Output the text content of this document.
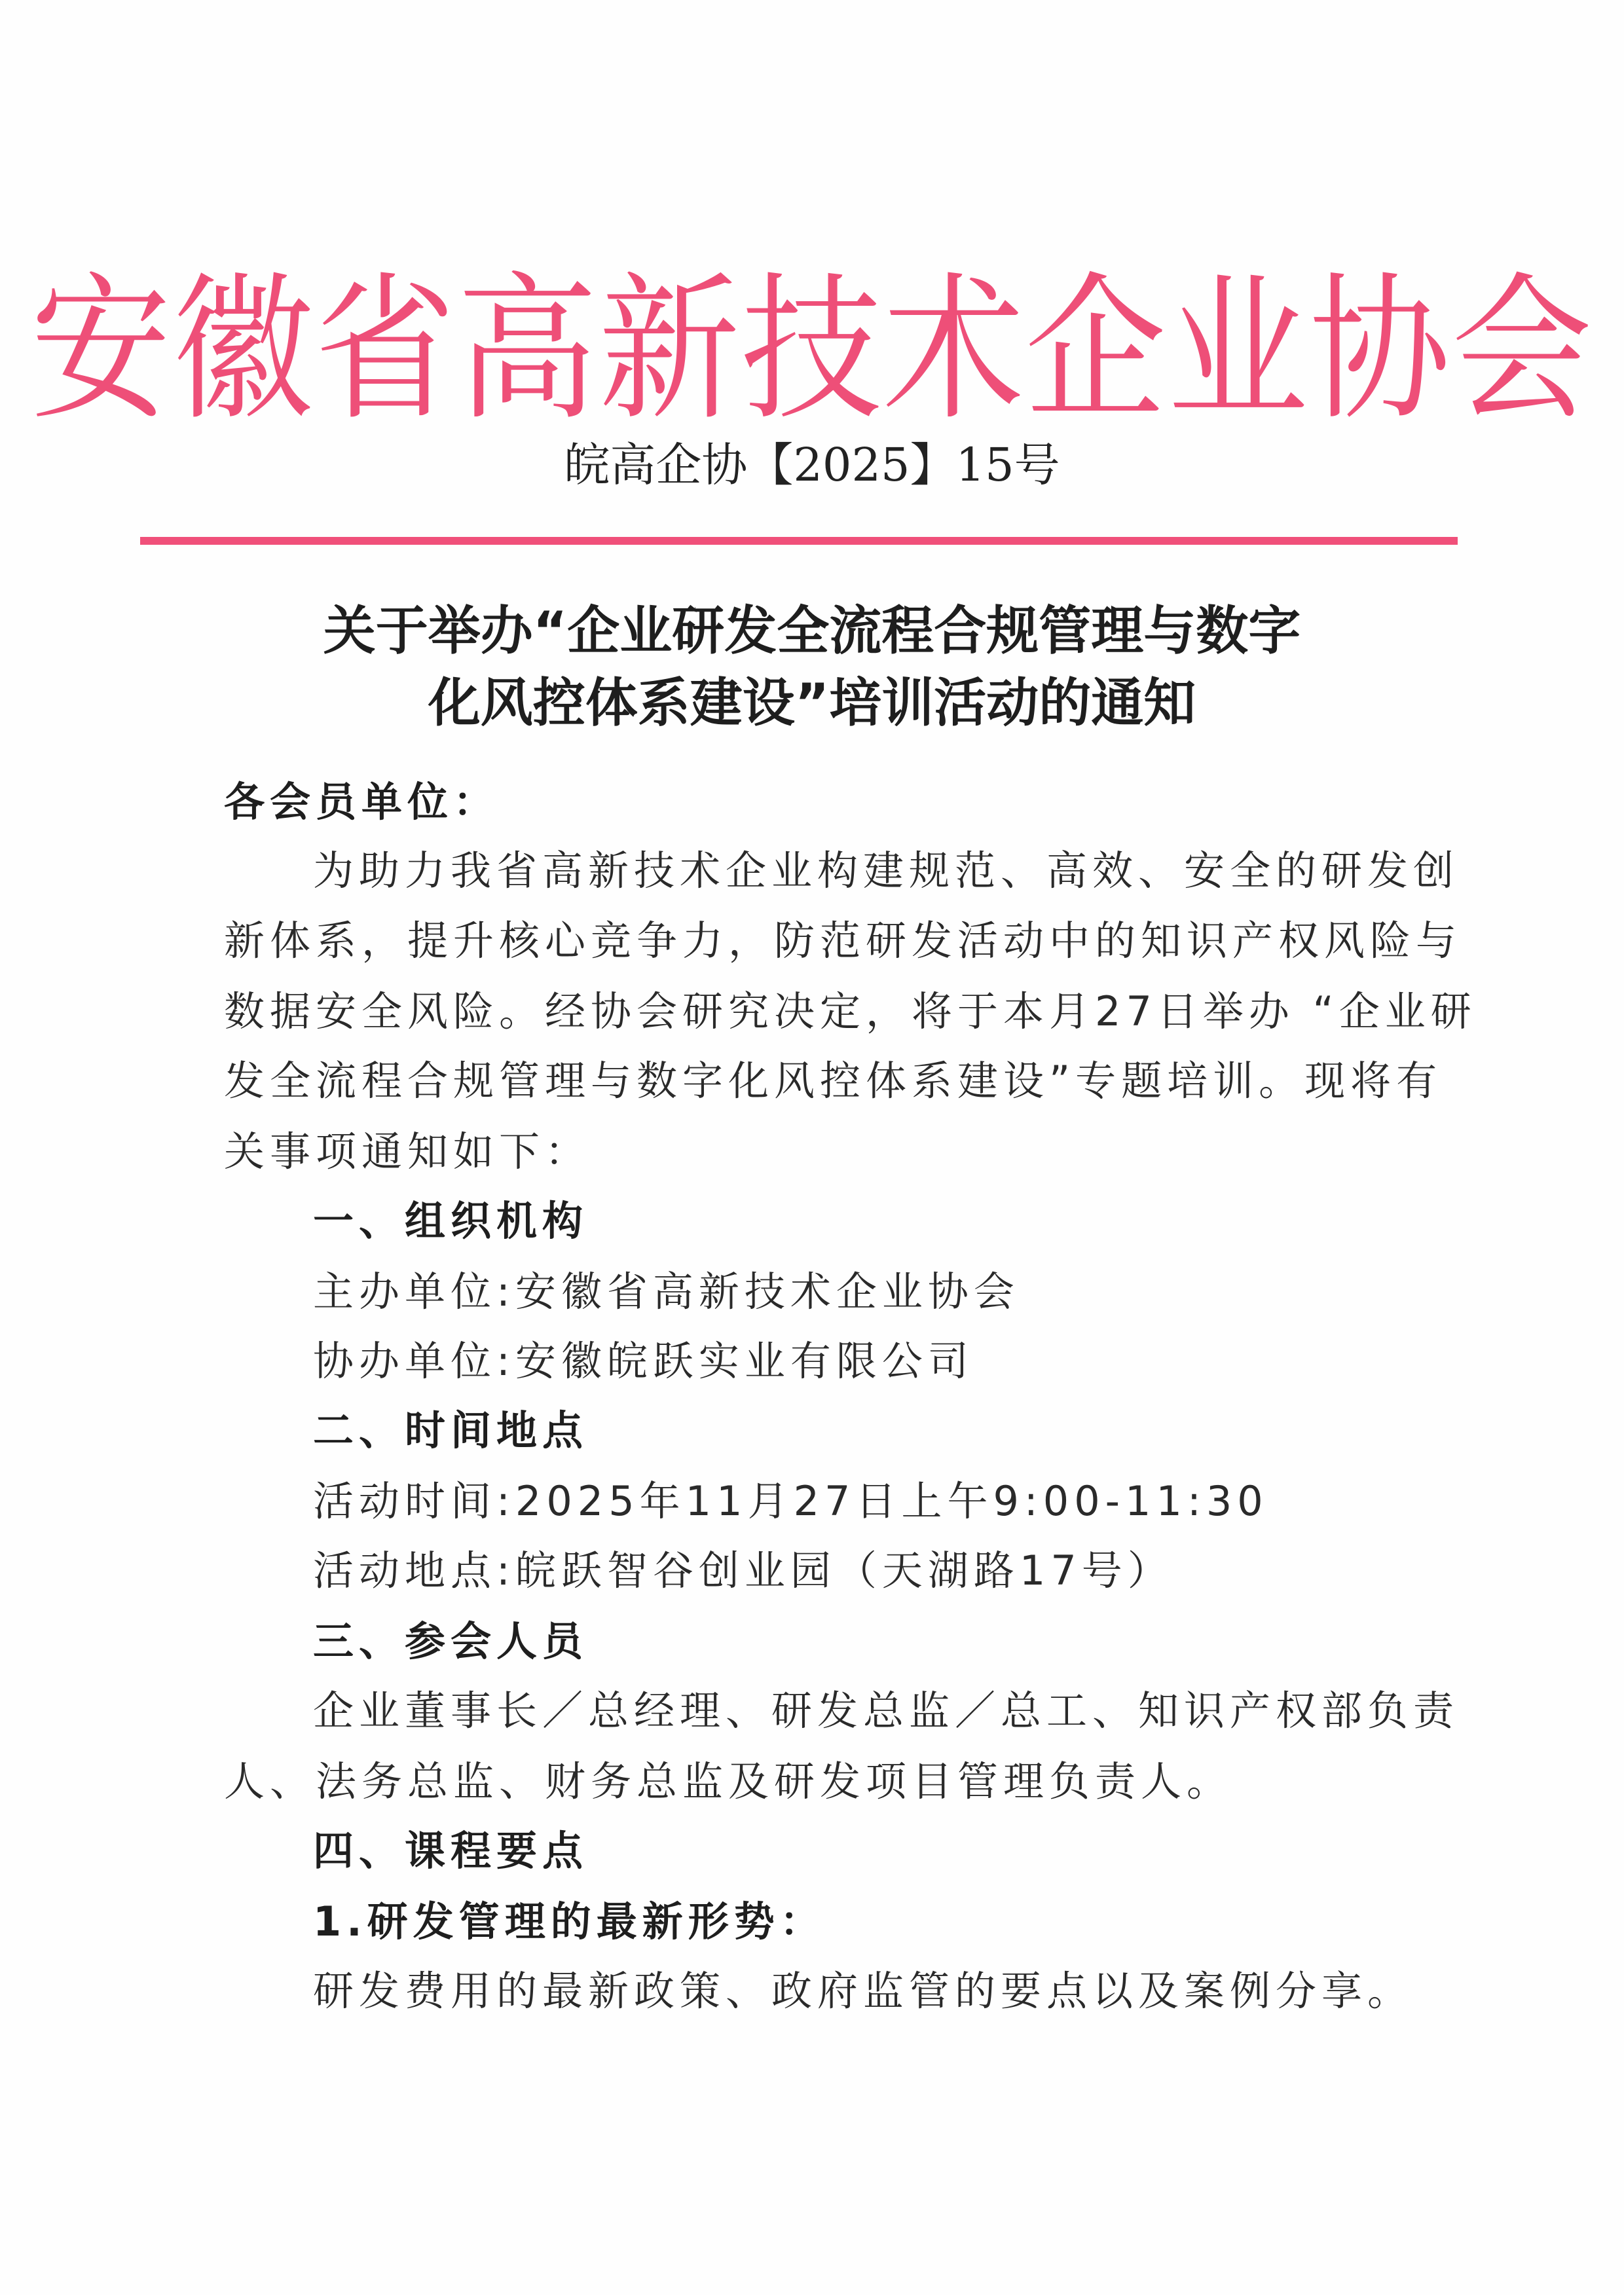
安徽省高新技术企业协会
皖高企协【2025】15号
关于举办“企业研发全流程合规管理与数字
化风控体系建设”培训活动的通知
各会员单位：
为助力我省高新技术企业构建规范、高效、安全的研发创
新体系，提升核心竞争力，防范研发活动中的知识产权风险与
数据安全风险。经协会研究决定，将于本月27日举办 “企业研
发全流程合规管理与数字化风控体系建设”专题培训。现将有
关事项通知如下：
一、组织机构
主办单位:安徽省高新技术企业协会
协办单位:安徽皖跃实业有限公司
二、时间地点
活动时间:2025年11月27日上午9:00-11:30
活动地点:皖跃智谷创业园（天湖路17号）
三、参会人员
企业董事长／总经理、研发总监／总工、知识产权部负责
人、法务总监、财务总监及研发项目管理负责人。
四、课程要点
1.研发管理的最新形势：
研发费用的最新政策、政府监管的要点以及案例分享。
